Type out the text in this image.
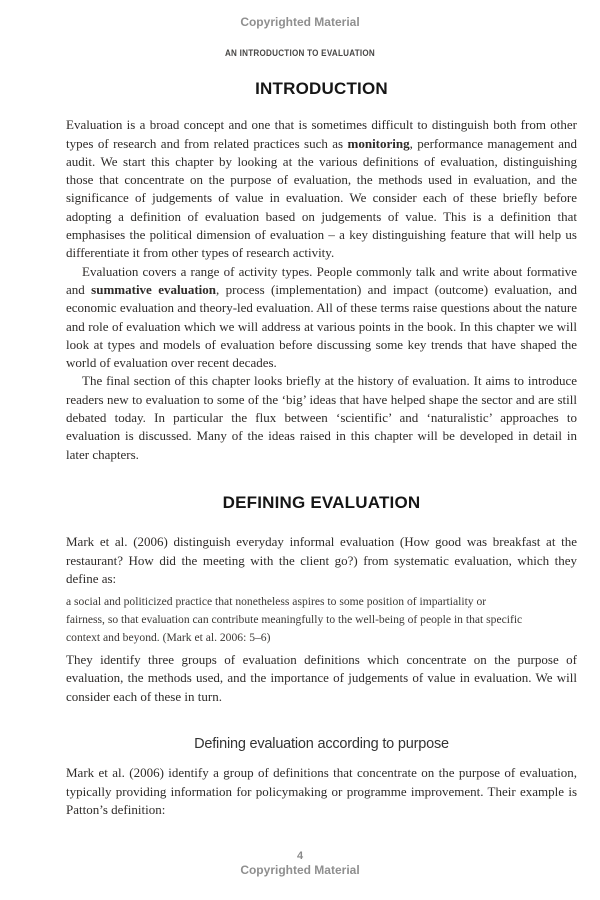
Copyrighted Material
AN INTRODUCTION TO EVALUATION
INTRODUCTION

Evaluation is a broad concept and one that is sometimes difficult to distinguish both from other types of research and from related practices such as monitoring, performance management and audit. We start this chapter by looking at the various definitions of evaluation, distinguishing those that concentrate on the purpose of evaluation, the methods used in evaluation, and the significance of judgements of value in evaluation. We consider each of these briefly before adopting a definition of evaluation based on judgements of value. This is a definition that emphasises the political dimension of evaluation – a key distinguishing feature that will help us differentiate it from other types of research activity.

Evaluation covers a range of activity types. People commonly talk and write about formative and summative evaluation, process (implementation) and impact (outcome) evaluation, and economic evaluation and theory-led evaluation. All of these terms raise questions about the nature and role of evaluation which we will address at various points in the book. In this chapter we will look at types and models of evaluation before discussing some key trends that have shaped the world of evaluation over recent decades.

The final section of this chapter looks briefly at the history of evaluation. It aims to introduce readers new to evaluation to some of the ‘big’ ideas that have helped shape the sector and are still debated today. In particular the flux between ‘scientific’ and ‘naturalistic’ approaches to evaluation is discussed. Many of the ideas raised in this chapter will be developed in detail in later chapters.

DEFINING EVALUATION

Mark et al. (2006) distinguish everyday informal evaluation (How good was breakfast at the restaurant? How did the meeting with the client go?) from systematic evaluation, which they define as:

a social and politicized practice that nonetheless aspires to some position of impartiality or fairness, so that evaluation can contribute meaningfully to the well-being of people in that specific context and beyond. (Mark et al. 2006: 5–6)

They identify three groups of evaluation definitions which concentrate on the purpose of evaluation, the methods used, and the importance of judgements of value in evaluation. We will consider each of these in turn.

Defining evaluation according to purpose

Mark et al. (2006) identify a group of definitions that concentrate on the purpose of evaluation, typically providing information for policymaking or programme improvement. Their example is Patton’s definition:

4
Copyrighted Material
